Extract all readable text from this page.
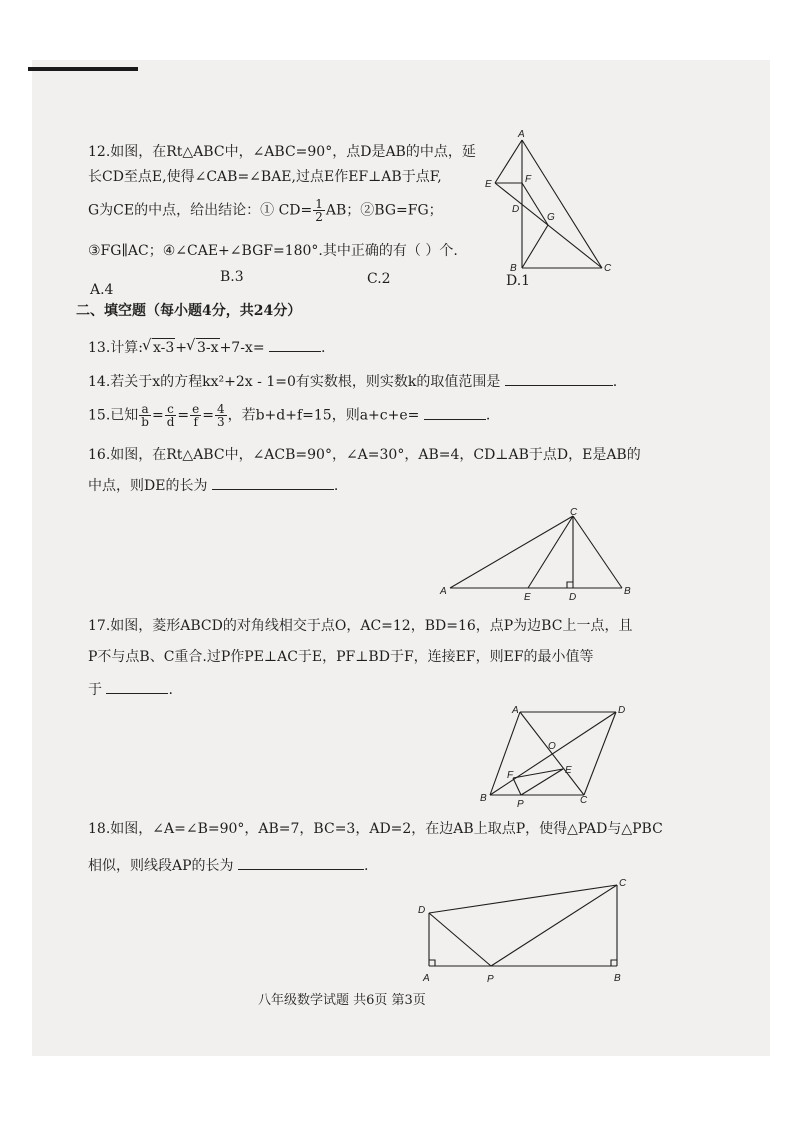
12.如图，在Rt△ABC中，∠ABC=90°，点D是AB的中点，延
长CD至点E,使得∠CAB=∠BAE,过点E作EF⊥AB于点F,
G为CE的中点，给出结论：① $CD= \frac{1}{2}$ AB；②BG=FG；
③FG∥AC；④∠CAE+∠BGF=180°.其中正确的有（ ）个.
A.4
B.3	C.2	D.1
A
E	F
D
G
B	C
二、填空题（每小题4分，共24分）
13.计算: √ x-3+ √ 3-x+7-x=	.
14.若关于x的方程kx²+2x - 1=0有实数根，则实数k的取值范围是	.
15.已知 $\frac{a}{b} = \frac{c}{d} = \frac{e}{f} = \frac{4}{3}$ ，若b+d+f=15，则a+c+e=	.
16.如图，在Rt△ABC中，∠ACB=90°，∠A=30°，AB=4，CD⊥AB于点D，E是AB的
中点，则DE的长为	.
C
A
E	D
B
17.如图，菱形ABCD的对角线相交于点O，AC=12，BD=16，点P为边BC上一点，且
P不与点B、C重合.过P作PE⊥AC于E，PF⊥BD于F，连接EF，则EF的最小值等
于	.
A	D
O
F	E
B
P	C
18.如图，∠A=∠B=90°，AB=7，BC=3，AD=2，在边AB上取点P，使得△PAD与△PBC
相似，则线段AP的长为	.
C
D
A	P	B
八年级数学试题 共6页 第3页
